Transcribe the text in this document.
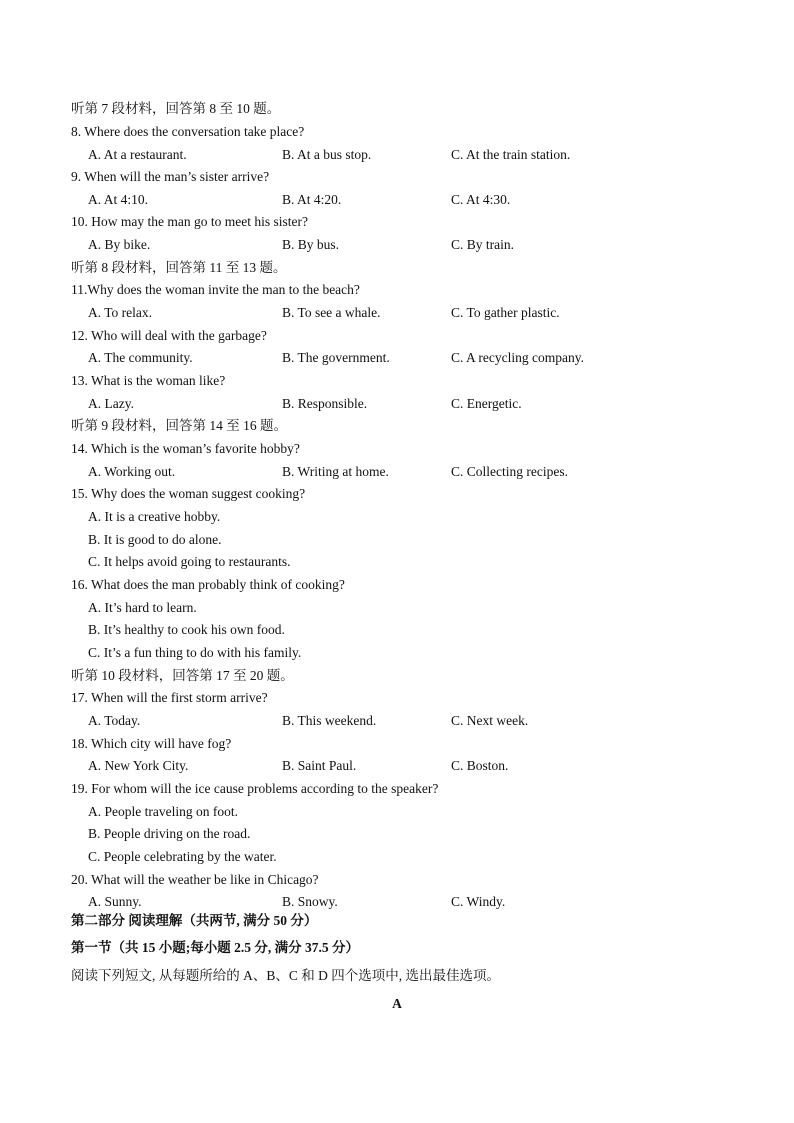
听第 7 段材料，回答第 8 至 10 题。
8. Where does the conversation take place?
A. At a restaurant.	B. At a bus stop.	C. At the train station.
9. When will the man’s sister arrive?
A. At 4:10.	B. At 4:20.	C. At 4:30.
10. How may the man go to meet his sister?
A. By bike.	B. By bus.	C. By train.
听第 8 段材料，回答第 11 至 13 题。
11.Why does the woman invite the man to the beach?
A. To relax.	B. To see a whale.	C. To gather plastic.
12. Who will deal with the garbage?
A. The community.	B. The government.	C. A recycling company.
13. What is the woman like?
A. Lazy.	B. Responsible.	C. Energetic.
听第 9 段材料，回答第 14 至 16 题。
14. Which is the woman’s favorite hobby?
A. Working out.	B. Writing at home.	C. Collecting recipes.
15. Why does the woman suggest cooking?
A. It is a creative hobby.
B. It is good to do alone.
C. It helps avoid going to restaurants.
16. What does the man probably think of cooking?
A. It’s hard to learn.
B. It’s healthy to cook his own food.
C. It’s a fun thing to do with his family.
听第 10 段材料，回答第 17 至 20 题。
17. When will the first storm arrive?
A. Today.	B. This weekend.	C. Next week.
18. Which city will have fog?
A. New York City.	B. Saint Paul.	C. Boston.
19. For whom will the ice cause problems according to the speaker?
A. People traveling on foot.
B. People driving on the road.
C. People celebrating by the water.
20. What will the weather be like in Chicago?
A. Sunny.	B. Snowy.	C. Windy.
第二部分 阅读理解（共两节, 满分 50 分）
第一节（共 15 小题;每小题 2.5 分, 满分 37.5 分）
阅读下列短文, 从每题所给的 A、B、C 和 D 四个选项中, 选出最佳选项。
A
